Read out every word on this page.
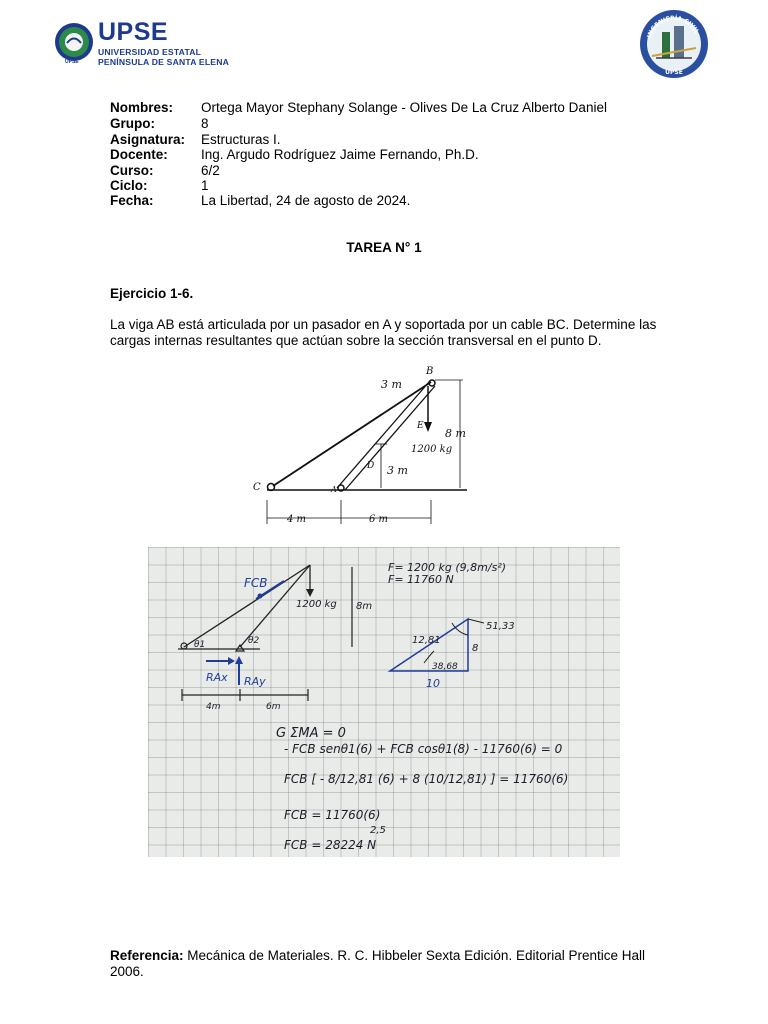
UPSE
UPSE
UNIVERSIDAD ESTATAL
PENÍNSULA DE SANTA ELENA
INGENIERÍA CIVIL
UPSE
Nombres: Ortega Mayor Stephany Solange - Olives De La Cruz Alberto Daniel
Grupo:	8
Asignatura: Estructuras I.
Docente: Ing. Argudo Rodríguez Jaime Fernando, Ph.D.
Curso:	6/2
Ciclo:	1
Fecha:	La Libertad, 24 de agosto de 2024.
TAREA N° 1
Ejercicio 1-6.
La viga AB está articulada por un pasador en A y soportada por un cable BC. Determine las cargas internas resultantes que actúan sobre la sección transversal en el punto D.
B
C	A
D
E
3 m
8 m
3 m
1200 kg
4 m	6 m
F= 1200 kg (9,8m/s²)
F= 11760 N
FCB
1200 kg 8m
θ1	θ2
RAx RAy
4m	6m
12,81
51,33
8
38,68
10
G ΣMA = 0
- FCB senθ1(6) + FCB cosθ1(8) - 11760(6) = 0
FCB [ - 8/12,81 (6) + 8 (10/12,81) ] = 11760(6)
FCB = 11760(6)
2,5
FCB = 28224 N
Referencia: Mecánica de Materiales. R. C. Hibbeler Sexta Edición. Editorial Prentice Hall 2006.
